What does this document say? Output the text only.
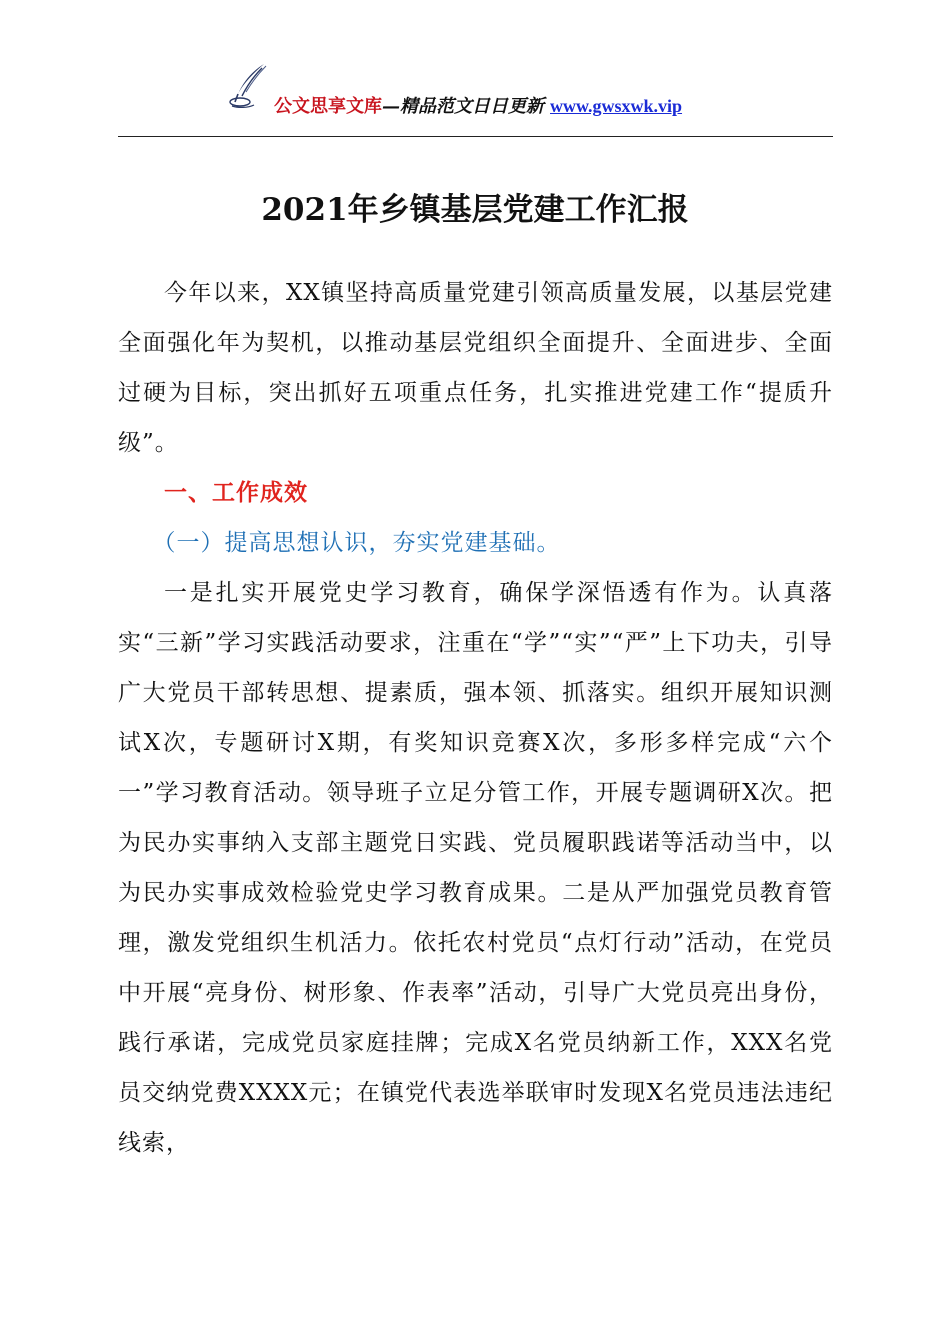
公文思享文库—精品范文日日更新 www.gwsxwk.vip
2021年乡镇基层党建工作汇报

今年以来，XX镇坚持高质量党建引领高质量发展，以基层党建全面强化年为契机，以推动基层党组织全面提升、全面进步、全面过硬为目标，突出抓好五项重点任务，扎实推进党建工作“提质升级”。

一、工作成效

（一）提高思想认识，夯实党建基础。

一是扎实开展党史学习教育，确保学深悟透有作为。认真落实“三新”学习实践活动要求，注重在“学”“实”“严”上下功夫，引导广大党员干部转思想、提素质，强本领、抓落实。组织开展知识测试X次，专题研讨X期，有奖知识竞赛X次，多形多样完成“六个一”学习教育活动。领导班子立足分管工作，开展专题调研X次。把为民办实事纳入支部主题党日实践、党员履职践诺等活动当中，以为民办实事成效检验党史学习教育成果。二是从严加强党员教育管理，激发党组织生机活力。依托农村党员“点灯行动”活动，在党员中开展“亮身份、树形象、作表率”活动，引导广大党员亮出身份，践行承诺，完成党员家庭挂牌；完成X名党员纳新工作，XXX名党员交纳党费XXXX元；在镇党代表选举联审时发现X名党员违法违纪线索，
